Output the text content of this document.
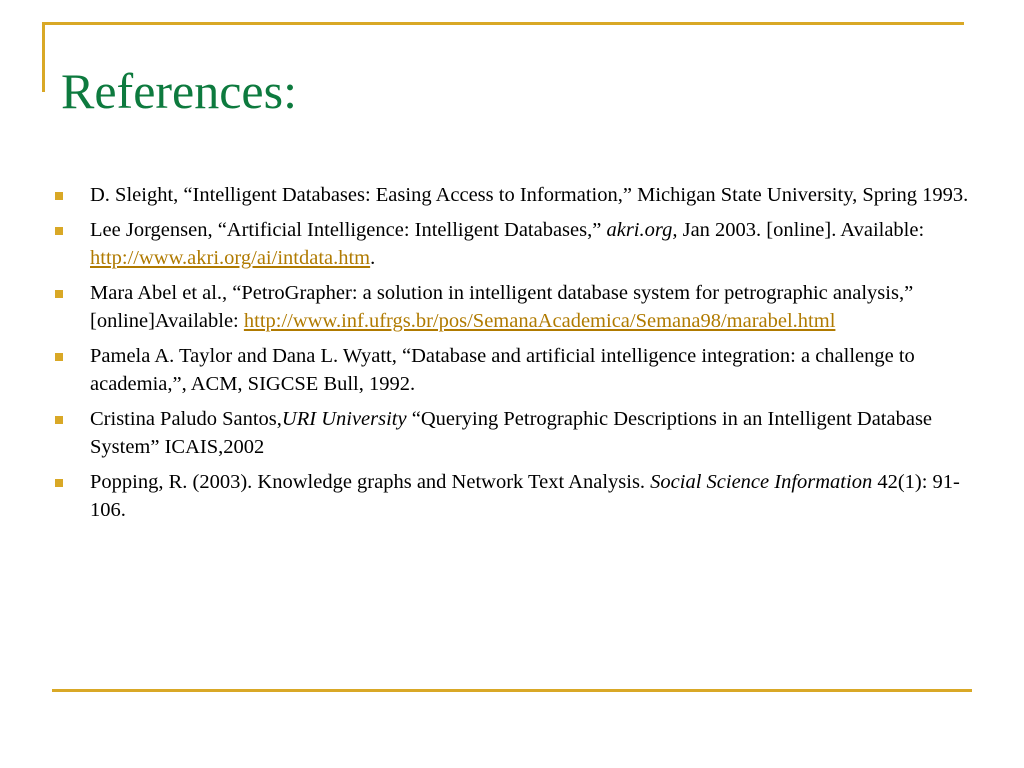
References:
D. Sleight, “Intelligent Databases: Easing Access to Information,” Michigan State University, Spring 1993.
Lee Jorgensen, “Artificial Intelligence: Intelligent Databases,” akri.org, Jan 2003. [online]. Available: http://www.akri.org/ai/intdata.htm.
Mara Abel et al., “PetroGrapher: a solution in intelligent database system for petrographic analysis,” [online]Available: http://www.inf.ufrgs.br/pos/SemanaAcademica/Semana98/marabel.html
Pamela A. Taylor and Dana L. Wyatt, “Database and artificial intelligence integration: a challenge to academia,”, ACM, SIGCSE Bull, 1992.
Cristina Paludo Santos,URI University “Querying Petrographic Descriptions in an Intelligent Database System” ICAIS,2002
Popping, R. (2003). Knowledge graphs and Network Text Analysis. Social Science Information 42(1): 91-106.
